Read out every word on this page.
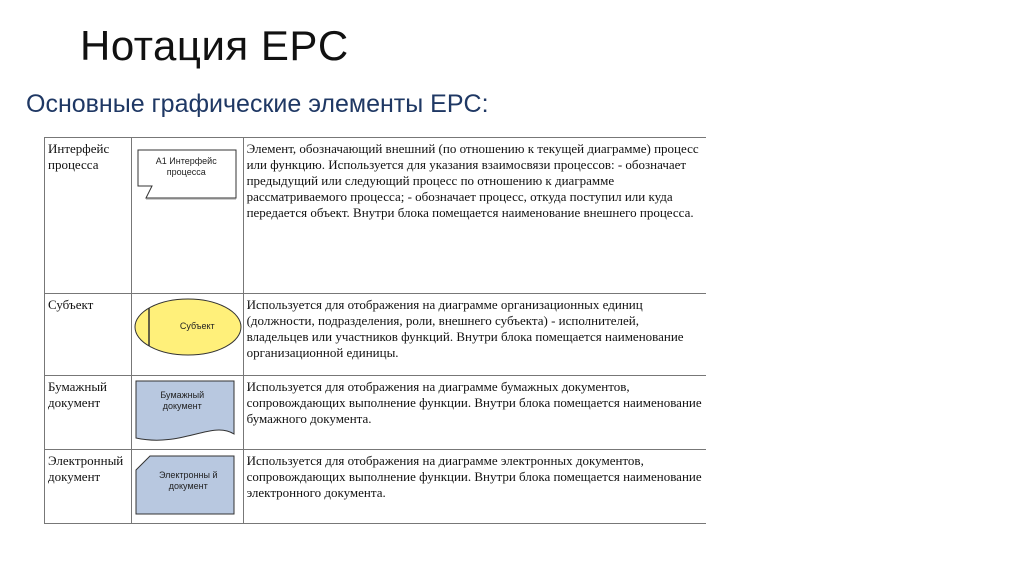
Нотация EPC
Основные графические элементы EPC:
Интерфейс процесса	А1 Интерфейс процесса	Элемент, обозначающий внешний (по отношению к текущей диаграмме) процесс или функцию. Используется для указания взаимосвязи процессов: - обозначает предыдущий или следующий процесс по отношению к диаграмме рассматриваемого процесса; - обозначает процесс, откуда поступил или куда передается объект. Внутри блока помещается наименование внешнего процесса.
Субъект	Субъект	Используется для отображения на диаграмме организационных единиц (должности, подразделения, роли, внешнего субъекта) - исполнителей, владельцев или участников функций. Внутри блока помещается наименование организационной единицы.
Бумажный документ	Бумажный документ	Используется для отображения на диаграмме бумажных документов, сопровождающих выполнение функции. Внутри блока помещается наименование бумажного документа.
Электронный документ	Электронны й документ	Используется для отображения на диаграмме электронных документов, сопровождающих выполнение функции. Внутри блока помещается наименование электронного документа.
